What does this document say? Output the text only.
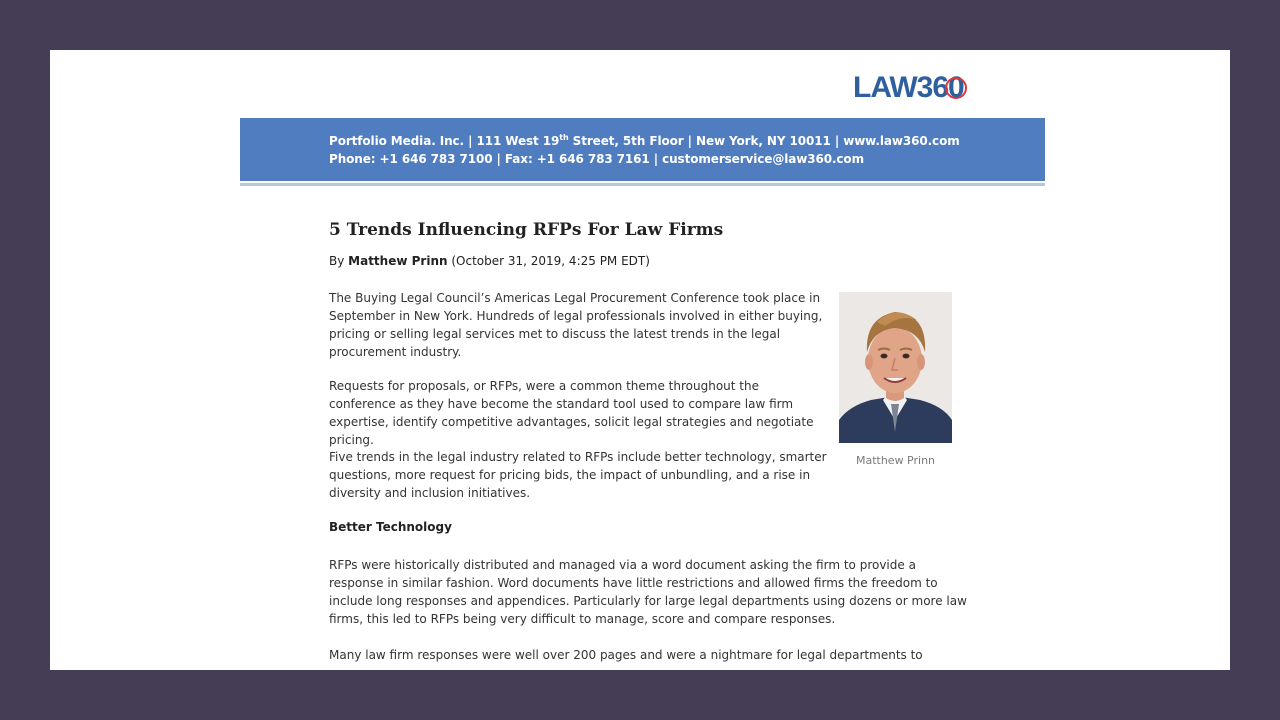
LAW36
0
Portfolio Media. Inc. | 111 West 19th Street, 5th Floor | New York, NY 10011 | www.law360.com
Phone: +1 646 783 7100 | Fax: +1 646 783 7161 | customerservice@law360.com
5 Trends Influencing RFPs For Law Firms
By Matthew Prinn (October 31, 2019, 4:25 PM EDT)

The Buying Legal Council’s Americas Legal Procurement Conference took place in September in New York. Hundreds of legal professionals involved in either buying, pricing or selling legal services met to discuss the latest trends in the legal procurement industry.

Requests for proposals, or RFPs, were a common theme throughout the conference as they have become the standard tool used to compare law firm expertise, identify competitive advantages, solicit legal strategies and negotiate pricing.

Five trends in the legal industry related to RFPs include better technology, smarter questions, more request for pricing bids, the impact of unbundling, and a rise in diversity and inclusion initiatives.

Better Technology

RFPs were historically distributed and managed via a word document asking the firm to provide a response in similar fashion. Word documents have little restrictions and allowed firms the freedom to include long responses and appendices. Particularly for large legal departments using dozens or more law firms, this led to RFPs being very difficult to manage, score and compare responses.

Many law firm responses were well over 200 pages and were a nightmare for legal departments to

Matthew Prinn
